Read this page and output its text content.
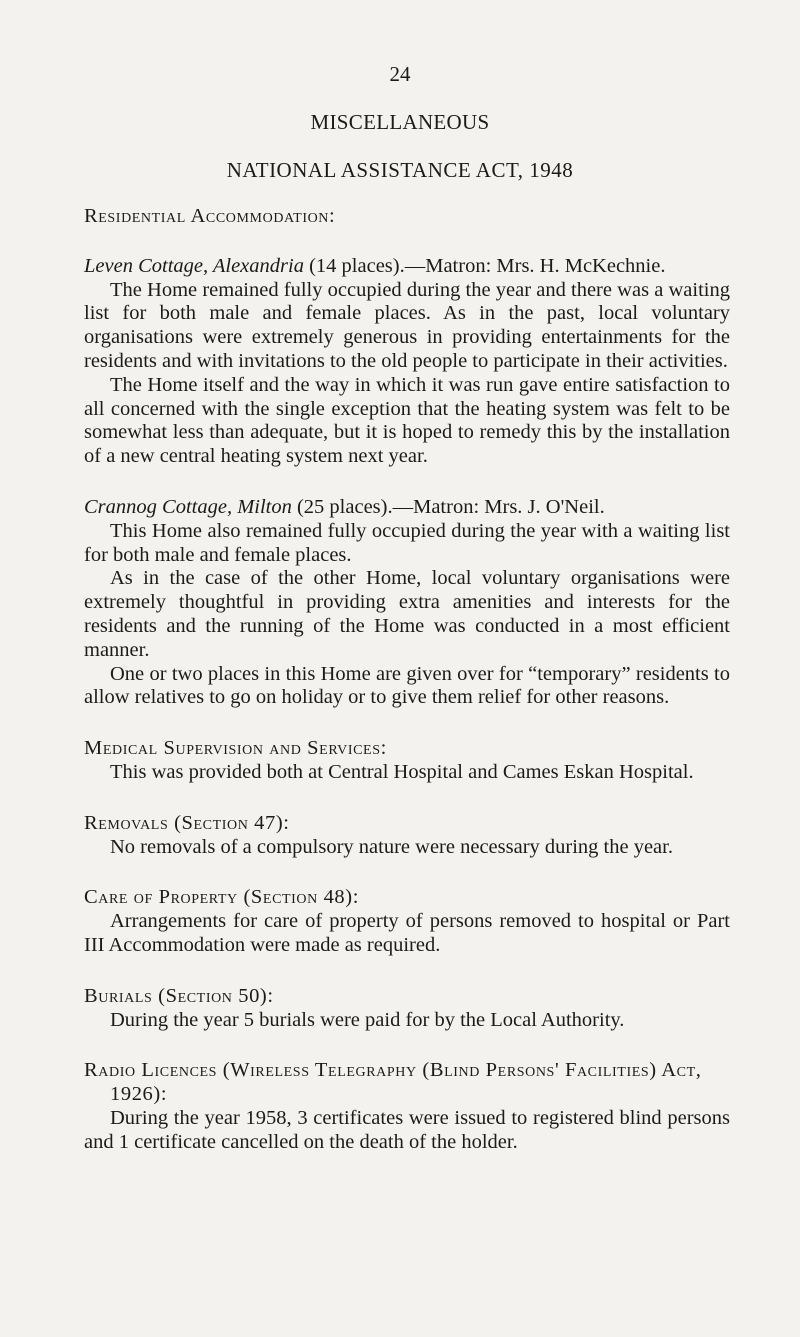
24
MISCELLANEOUS
NATIONAL ASSISTANCE ACT, 1948

Residential Accommodation:

Leven Cottage, Alexandria (14 places).—Matron: Mrs. H. McKechnie.

The Home remained fully occupied during the year and there was a waiting list for both male and female places. As in the past, local voluntary organisations were extremely generous in providing entertainments for the residents and with invitations to the old people to participate in their activities.

The Home itself and the way in which it was run gave entire satisfaction to all concerned with the single exception that the heating system was felt to be somewhat less than adequate, but it is hoped to remedy this by the installation of a new central heating system next year.

Crannog Cottage, Milton (25 places).—Matron: Mrs. J. O'Neil.

This Home also remained fully occupied during the year with a waiting list for both male and female places.

As in the case of the other Home, local voluntary organisations were extremely thoughtful in providing extra amenities and interests for the residents and the running of the Home was conducted in a most efficient manner.

One or two places in this Home are given over for “temporary” residents to allow relatives to go on holiday or to give them relief for other reasons.

Medical Supervision and Services:

This was provided both at Central Hospital and Cames Eskan Hospital.

Removals (Section 47):

No removals of a compulsory nature were necessary during the year.

Care of Property (Section 48):

Arrangements for care of property of persons removed to hospital or Part III Accommodation were made as required.

Burials (Section 50):

During the year 5 burials were paid for by the Local Authority.

Radio Licences (Wireless Telegraphy (Blind Persons' Facilities) Act, 1926):

During the year 1958, 3 certificates were issued to registered blind persons and 1 certificate cancelled on the death of the holder.
